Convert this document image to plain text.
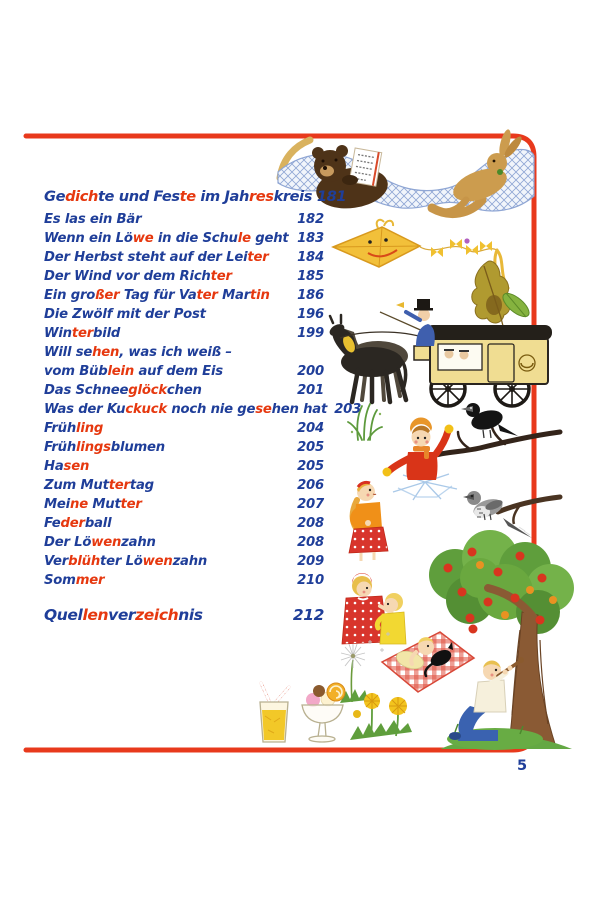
Gedichte und Feste im Jahreskreis 181
Es las ein Bär	182
Wenn ein Löwe in die Schule geht 183
Der Herbst steht auf der Leiter	184
Der Wind vor dem Richter	185
Ein großer Tag für Vater Martin	186
Die Zwölf mit der Post	196
Winterbild	199
Will sehen, was ich weiß –
vom Büblein auf dem Eis	200
Das Schneeglöckchen	201
Was der Kuckuck noch nie gesehen hat 203
Frühling	204
Frühlingsblumen	205
Hasen	205
Zum Muttertag	206
Meine Mutter	207
Federball	208
Der Löwenzahn	208
Verblühter Löwenzahn	209
Sommer	210
Quellenverzeichnis	212
5
